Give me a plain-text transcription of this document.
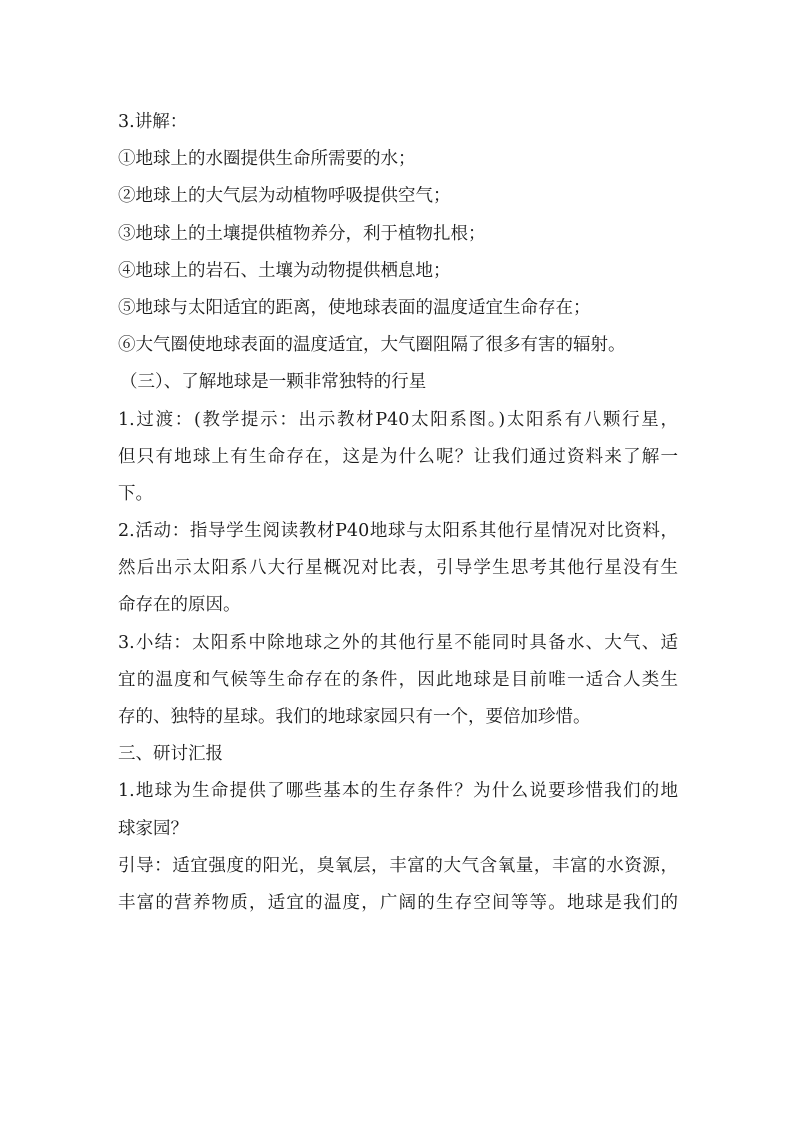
3.讲解：
①地球上的水圈提供生命所需要的水；
②地球上的大气层为动植物呼吸提供空气；
③地球上的土壤提供植物养分，利于植物扎根；
④地球上的岩石、土壤为动物提供栖息地；
⑤地球与太阳适宜的距离，使地球表面的温度适宜生命存在；
⑥大气圈使地球表面的温度适宜，大气圈阻隔了很多有害的辐射。
（三）、了解地球是一颗非常独特的行星
1.过渡：(教学提示：出示教材P40太阳系图。)太阳系有八颗行星，
但只有地球上有生命存在，这是为什么呢？让我们通过资料来了解一
下。
2.活动：指导学生阅读教材P40地球与太阳系其他行星情况对比资料，
然后出示太阳系八大行星概况对比表，引导学生思考其他行星没有生
命存在的原因。
3.小结：太阳系中除地球之外的其他行星不能同时具备水、大气、适
宜的温度和气候等生命存在的条件，因此地球是目前唯一适合人类生
存的、独特的星球。我们的地球家园只有一个，要倍加珍惜。
三、研讨汇报
1.地球为生命提供了哪些基本的生存条件？为什么说要珍惜我们的地
球家园？
引导：适宜强度的阳光，臭氧层，丰富的大气含氧量，丰富的水资源，
丰富的营养物质，适宜的温度，广阔的生存空间等等。地球是我们的
